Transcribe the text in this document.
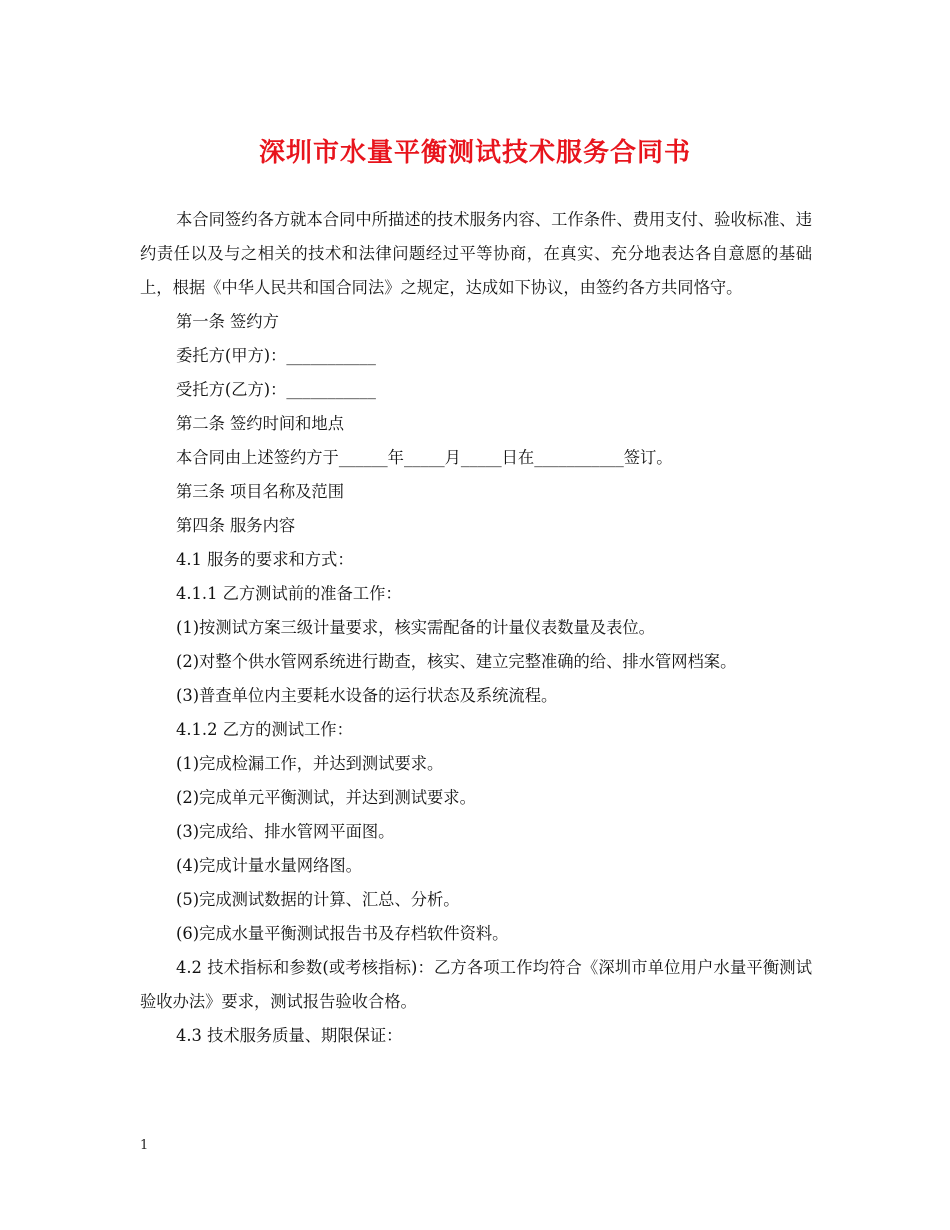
深圳市水量平衡测试技术服务合同书

本合同签约各方就本合同中所描述的技术服务内容、工作条件、费用支付、验收标准、违约责任以及与之相关的技术和法律问题经过平等协商，在真实、充分地表达各自意愿的基础上，根据《中华人民共和国合同法》之规定，达成如下协议，由签约各方共同恪守。

第一条 签约方

委托方(甲方)：___________

受托方(乙方)：___________

第二条 签约时间和地点

本合同由上述签约方于______年_____月_____日在___________签订。

第三条 项目名称及范围

第四条 服务内容

4.1 服务的要求和方式：

4.1.1 乙方测试前的准备工作：

(1)按测试方案三级计量要求，核实需配备的计量仪表数量及表位。

(2)对整个供水管网系统进行勘查，核实、建立完整准确的给、排水管网档案。

(3)普查单位内主要耗水设备的运行状态及系统流程。

4.1.2 乙方的测试工作：

(1)完成检漏工作，并达到测试要求。

(2)完成单元平衡测试，并达到测试要求。

(3)完成给、排水管网平面图。

(4)完成计量水量网络图。

(5)完成测试数据的计算、汇总、分析。

(6)完成水量平衡测试报告书及存档软件资料。

4.2 技术指标和参数(或考核指标)：乙方各项工作均符合《深圳市单位用户水量平衡测试验收办法》要求，测试报告验收合格。

4.3 技术服务质量、期限保证：

1
